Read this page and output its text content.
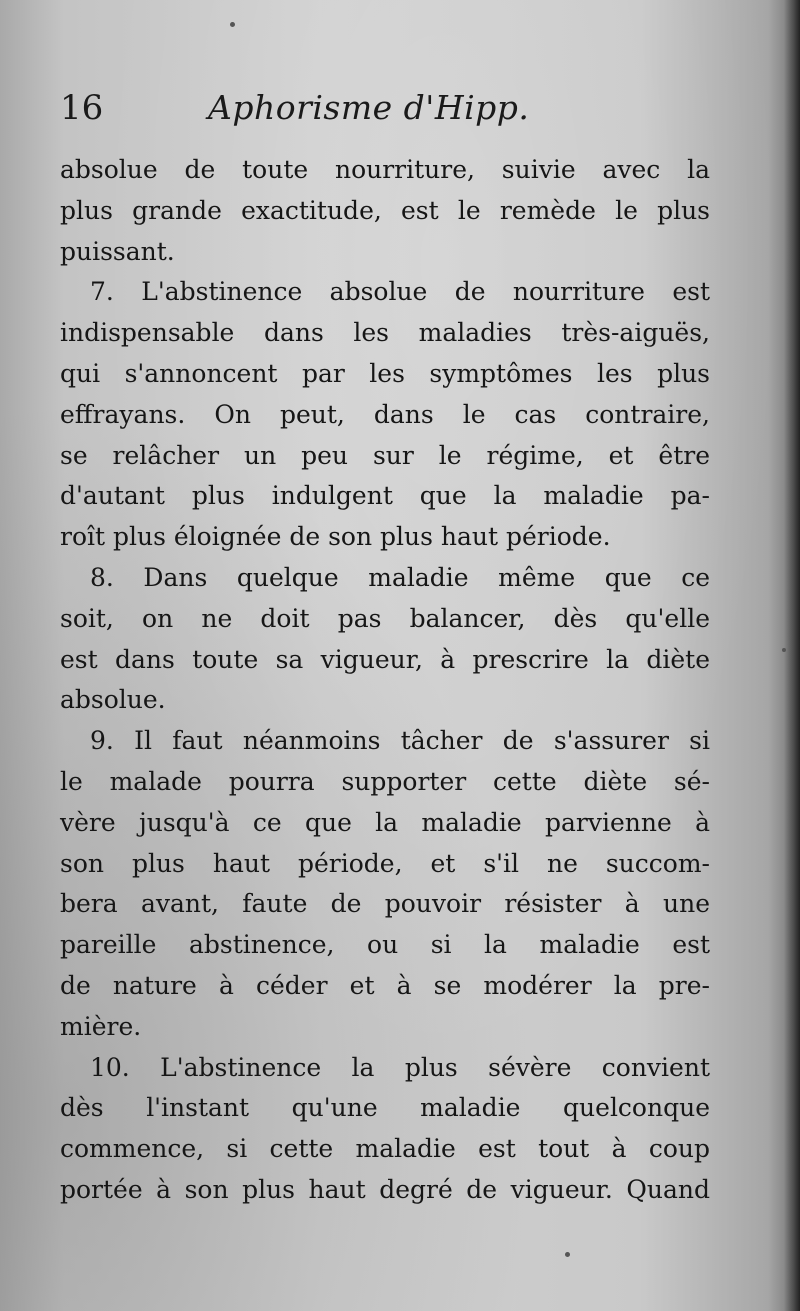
16	Aphorisme d'Hipp.
absolue de toute nourriture, suivie avec la
plus grande exactitude, est le remède le plus
puissant.
7. L'abstinence absolue de nourriture est
indispensable dans les maladies très-aiguës,
qui s'annoncent par les symptômes les plus
effrayans. On peut, dans le cas contraire,
se relâcher un peu sur le régime, et être
d'autant plus indulgent que la maladie pa-
roît plus éloignée de son plus haut période.
8. Dans quelque maladie même que ce
soit, on ne doit pas balancer, dès qu'elle
est dans toute sa vigueur, à prescrire la diète
absolue.
9. Il faut néanmoins tâcher de s'assurer si
le malade pourra supporter cette diète sé-
vère jusqu'à ce que la maladie parvienne à
son plus haut période, et s'il ne succom-
bera avant, faute de pouvoir résister à une
pareille abstinence, ou si la maladie est
de nature à céder et à se modérer la pre-
mière.
10. L'abstinence la plus sévère convient
dès l'instant qu'une maladie quelconque
commence, si cette maladie est tout à coup
portée à son plus haut degré de vigueur. Quand
